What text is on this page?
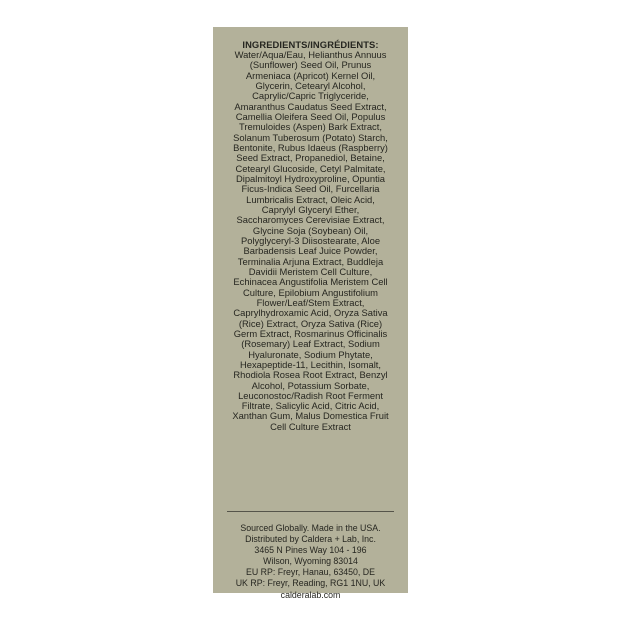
INGREDIENTS/INGRÉDIENTS:

Water/Aqua/Eau, Helianthus Annuus

(Sunflower) Seed Oil, Prunus

Armeniaca (Apricot) Kernel Oil,

Glycerin, Cetearyl Alcohol,

Caprylic/Capric Triglyceride,

Amaranthus Caudatus Seed Extract,

Camellia Oleifera Seed Oil, Populus

Tremuloides (Aspen) Bark Extract,

Solanum Tuberosum (Potato) Starch,

Bentonite, Rubus Idaeus (Raspberry)

Seed Extract, Propanediol, Betaine,

Cetearyl Glucoside, Cetyl Palmitate,

Dipalmitoyl Hydroxyproline, Opuntia

Ficus-Indica Seed Oil, Furcellaria

Lumbricalis Extract, Oleic Acid,

Caprylyl Glyceryl Ether,

Saccharomyces Cerevisiae Extract,

Glycine Soja (Soybean) Oil,

Polyglyceryl-3 Diisostearate, Aloe

Barbadensis Leaf Juice Powder,

Terminalia Arjuna Extract, Buddleja

Davidii Meristem Cell Culture,

Echinacea Angustifolia Meristem Cell

Culture, Epilobium Angustifolium

Flower/Leaf/Stem Extract,

Caprylhydroxamic Acid, Oryza Sativa

(Rice) Extract, Oryza Sativa (Rice)

Germ Extract, Rosmarinus Officinalis

(Rosemary) Leaf Extract, Sodium

Hyaluronate, Sodium Phytate,

Hexapeptide-11, Lecithin, Isomalt,

Rhodiola Rosea Root Extract, Benzyl

Alcohol, Potassium Sorbate,

Leuconostoc/Radish Root Ferment

Filtrate, Salicylic Acid, Citric Acid,

Xanthan Gum, Malus Domestica Fruit

Cell Culture Extract

Sourced Globally. Made in the USA.

Distributed by Caldera + Lab, Inc.

3465 N Pines Way 104 - 196

Wilson, Wyoming 83014

EU RP: Freyr, Hanau, 63450, DE

UK RP: Freyr, Reading, RG1 1NU, UK

calderalab.com
